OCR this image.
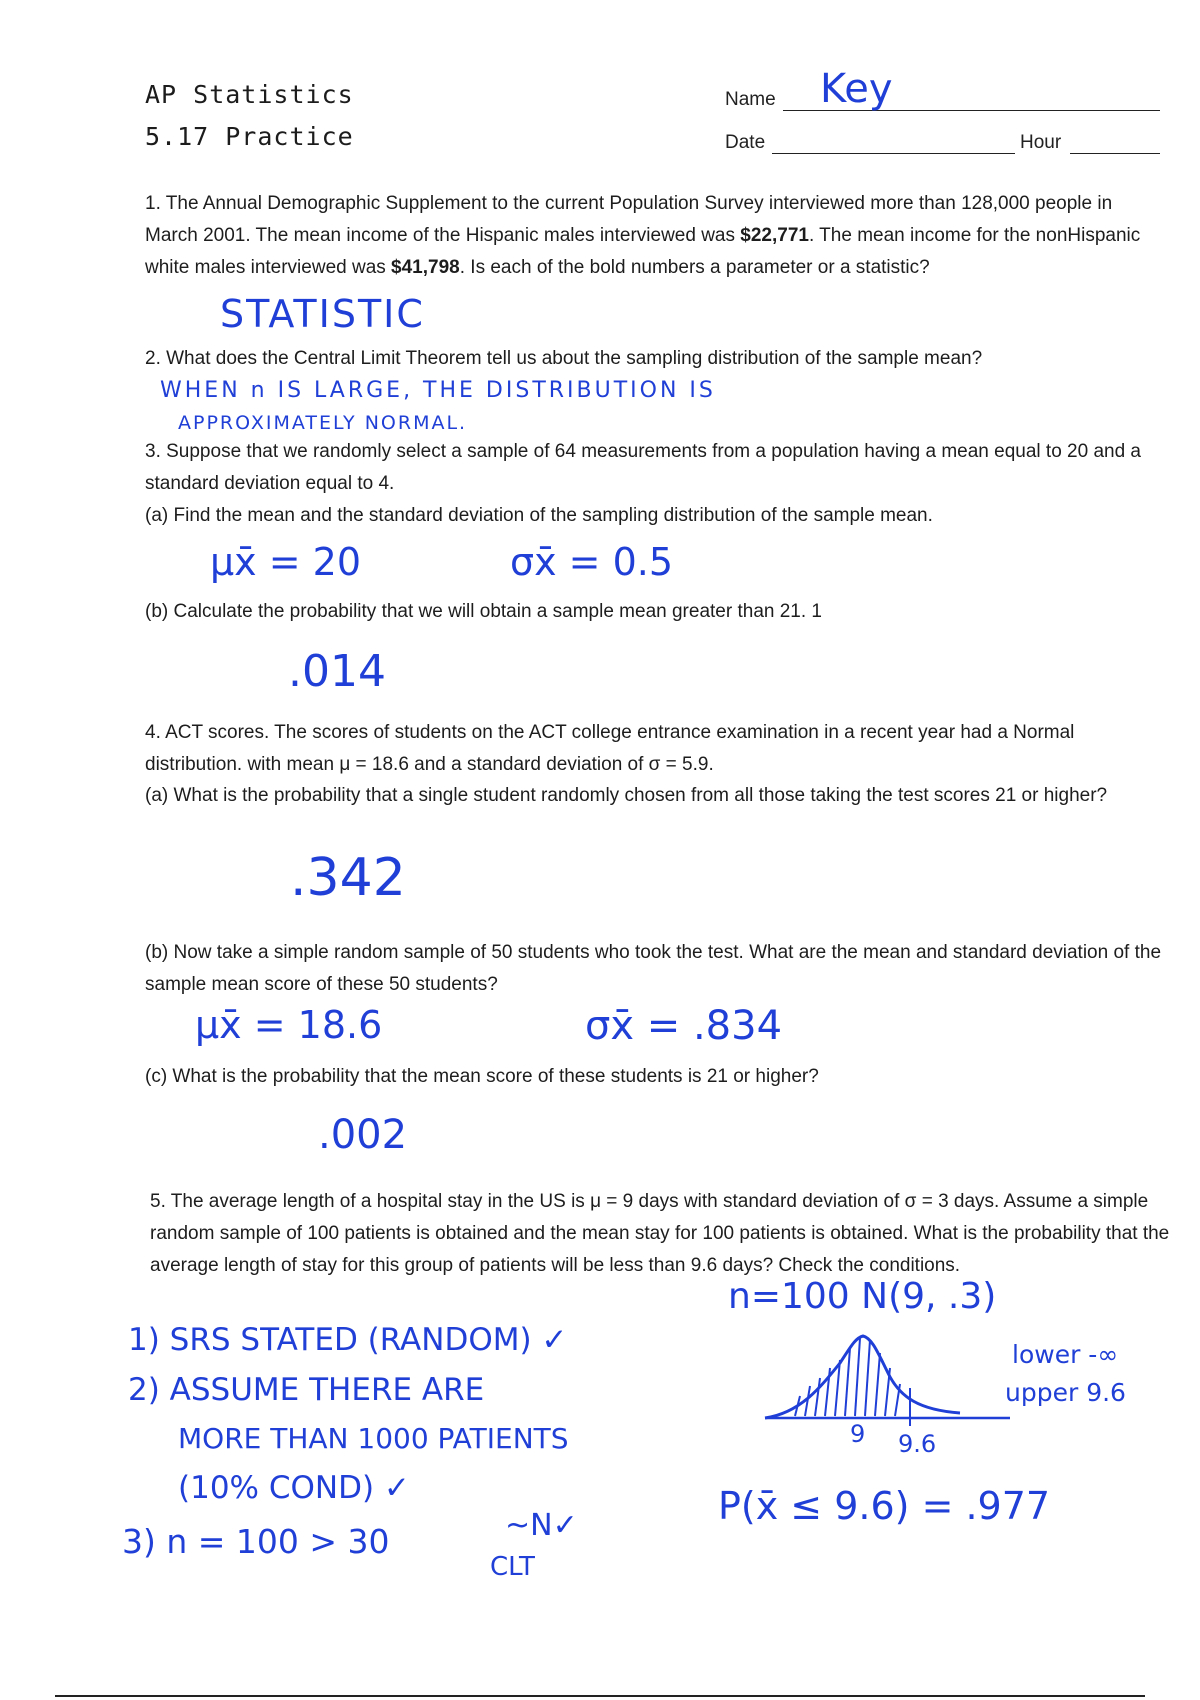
AP Statistics
5.17 Practice
Name Key
Date	Hour
1. The Annual Demographic Supplement to the current Population Survey interviewed more than 128,000 people in March 2001. The mean income of the Hispanic males interviewed was $22,771. The mean income for the nonHispanic white males interviewed was $41,798. Is each of the bold numbers a parameter or a statistic?
STATISTIC
2. What does the Central Limit Theorem tell us about the sampling distribution of the sample mean?
WHEN n IS LARGE, THE DISTRIBUTION IS
APPROXIMATELY NORMAL.
3. Suppose that we randomly select a sample of 64 measurements from a population having a mean equal to 20 and a standard deviation equal to 4.
(a) Find the mean and the standard deviation of the sampling distribution of the sample mean.
μx̄ = 20	σx̄ = 0.5
(b) Calculate the probability that we will obtain a sample mean greater than 21. 1
.014
4. ACT scores. The scores of students on the ACT college entrance examination in a recent year had a Normal distribution. with mean μ = 18.6 and a standard deviation of σ = 5.9.
(a) What is the probability that a single student randomly chosen from all those taking the test scores 21 or higher?
.342
(b) Now take a simple random sample of 50 students who took the test. What are the mean and standard deviation of the sample mean score of these 50 students?
μx̄ = 18.6	σx̄ = .834
(c) What is the probability that the mean score of these students is 21 or higher?
.002
5. The average length of a hospital stay in the US is μ = 9 days with standard deviation of σ = 3 days. Assume a simple random sample of 100 patients is obtained and the mean stay for 100 patients is obtained. What is the probability that the average length of stay for this group of patients will be less than 9.6 days? Check the conditions.
n=100 N(9, .3)
1) SRS STATED (RANDOM) ✓
2) ASSUME THERE ARE
MORE THAN 1000 PATIENTS
(10% COND) ✓
3) n = 100 > 30	~N✓
CLT
9 9.6
lower -∞
upper 9.6
P(x̄ ≤ 9.6) = .977
